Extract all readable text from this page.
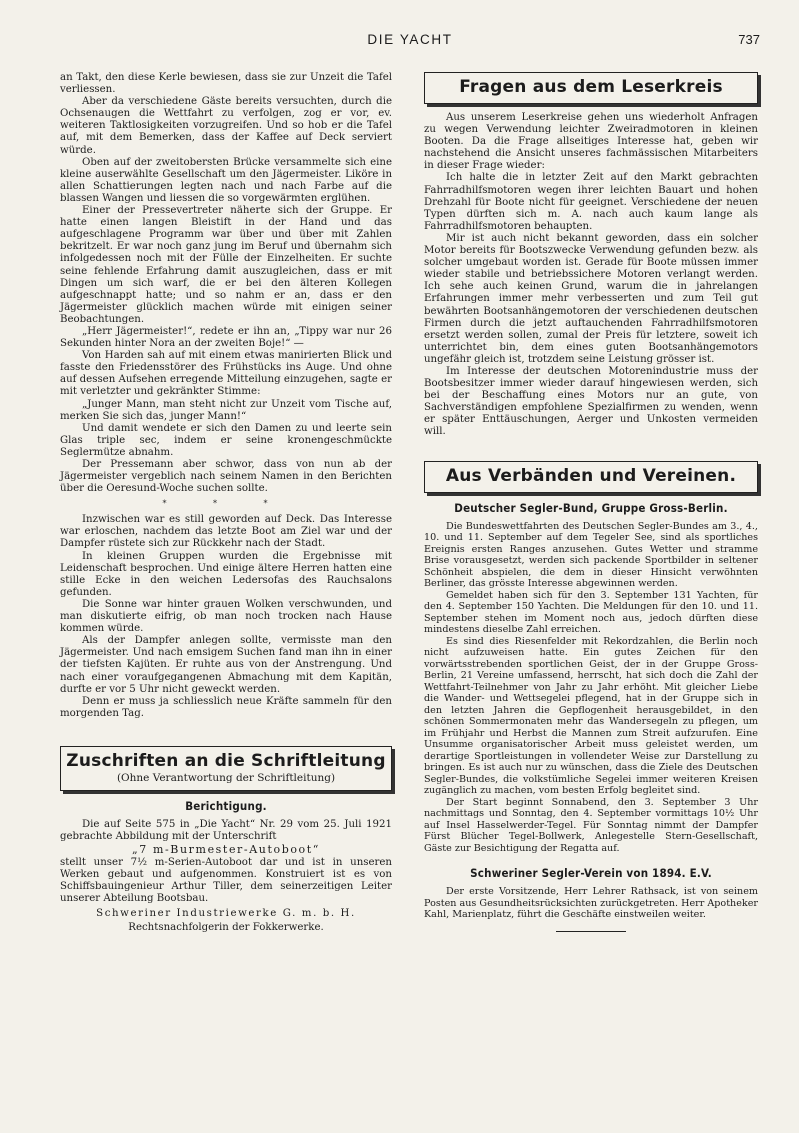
DIE YACHT	737

an Takt, den diese Kerle bewiesen, dass sie zur Unzeit die Tafel verliessen.

Aber da verschiedene Gäste bereits versuchten, durch die Ochsenaugen die Wettfahrt zu verfolgen, zog er vor, ev. weiteren Taktlosigkeiten vorzugreifen. Und so hob er die Tafel auf, mit dem Bemerken, dass der Kaffee auf Deck serviert würde.

Oben auf der zweitobersten Brücke versammelte sich eine kleine auserwählte Gesellschaft um den Jägermeister. Liköre in allen Schattierungen legten nach und nach Farbe auf die blassen Wangen und liessen die so vorgewärmten erglühen.

Einer der Pressevertreter näherte sich der Gruppe. Er hatte einen langen Bleistift in der Hand und das aufgeschlagene Programm war über und über mit Zahlen bekritzelt. Er war noch ganz jung im Beruf und übernahm sich infolgedessen noch mit der Fülle der Einzelheiten. Er suchte seine fehlende Erfahrung damit auszugleichen, dass er mit Dingen um sich warf, die er bei den älteren Kollegen aufgeschnappt hatte; und so nahm er an, dass er den Jägermeister glücklich machen würde mit einigen seiner Beobachtungen.

„Herr Jägermeister!“, redete er ihn an, „Tippy war nur 26 Sekunden hinter Nora an der zweiten Boje!“ —

Von Harden sah auf mit einem etwas manirierten Blick und fasste den Friedensstörer des Frühstücks ins Auge. Und ohne auf dessen Aufsehen erregende Mitteilung einzugehen, sagte er mit verletzter und gekränkter Stimme:

„Junger Mann, man steht nicht zur Unzeit vom Tische auf, merken Sie sich das, junger Mann!“

Und damit wendete er sich den Damen zu und leerte sein Glas triple sec, indem er seine kronengeschmückte Seglermütze abnahm.

Der Pressemann aber schwor, dass von nun ab der Jägermeister vergeblich nach seinem Namen in den Berichten über die Oeresund-Woche suchen sollte.

* * *

Inzwischen war es still geworden auf Deck. Das Interesse war erloschen, nachdem das letzte Boot am Ziel war und der Dampfer rüstete sich zur Rückkehr nach der Stadt.

In kleinen Gruppen wurden die Ergebnisse mit Leidenschaft besprochen. Und einige ältere Herren hatten eine stille Ecke in den weichen Ledersofas des Rauchsalons gefunden.

Die Sonne war hinter grauen Wolken verschwunden, und man diskutierte eifrig, ob man noch trocken nach Hause kommen würde.

Als der Dampfer anlegen sollte, vermisste man den Jägermeister. Und nach emsigem Suchen fand man ihn in einer der tiefsten Kajüten. Er ruhte aus von der Anstrengung. Und nach einer voraufgegangenen Abmachung mit dem Kapitän, durfte er vor 5 Uhr nicht geweckt werden.

Denn er muss ja schliesslich neue Kräfte sammeln für den morgenden Tag.

Zuschriften an die Schriftleitung
(Ohne Verantwortung der Schriftleitung)
Berichtigung.

Die auf Seite 575 in „Die Yacht“ Nr. 29 vom 25. Juli 1921 gebrachte Abbildung mit der Unterschrift

„7 m-Burmester-Autoboot“

stellt unser 7½ m-Serien-Autoboot dar und ist in unseren Werken gebaut und aufgenommen. Konstruiert ist es von Schiffsbauingenieur Arthur Tiller, dem seinerzeitigen Leiter unserer Abteilung Bootsbau.

Schweriner Industriewerke G. m. b. H.
Rechtsnachfolgerin der Fokkerwerke.
Fragen aus dem Leserkreis

Aus unserem Leserkreise gehen uns wiederholt Anfragen zu wegen Verwendung leichter Zweiradmotoren in kleinen Booten. Da die Frage allseitiges Interesse hat, geben wir nachstehend die Ansicht unseres fachmässischen Mitarbeiters in dieser Frage wieder:

Ich halte die in letzter Zeit auf den Markt gebrachten Fahrradhilfsmotoren wegen ihrer leichten Bauart und hohen Drehzahl für Boote nicht für geeignet. Verschiedene der neuen Typen dürften sich m. A. nach auch kaum lange als Fahrradhilfsmotoren behaupten.

Mir ist auch nicht bekannt geworden, dass ein solcher Motor bereits für Bootszwecke Verwendung gefunden bezw. als solcher umgebaut worden ist. Gerade für Boote müssen immer wieder stabile und betriebssichere Motoren verlangt werden. Ich sehe auch keinen Grund, warum die in jahrelangen Erfahrungen immer mehr verbesserten und zum Teil gut bewährten Bootsanhängemotoren der verschiedenen deutschen Firmen durch die jetzt auftauchenden Fahrradhilfsmotoren ersetzt werden sollen, zumal der Preis für letztere, soweit ich unterrichtet bin, dem eines guten Bootsanhängemotors ungefähr gleich ist, trotzdem seine Leistung grösser ist.

Im Interesse der deutschen Motorenindustrie muss der Bootsbesitzer immer wieder darauf hingewiesen werden, sich bei der Beschaffung eines Motors nur an gute, von Sachverständigen empfohlene Spezialfirmen zu wenden, wenn er später Enttäuschungen, Aerger und Unkosten vermeiden will.

Aus Verbänden und Vereinen.
Deutscher Segler-Bund, Gruppe Gross-Berlin.

Die Bundeswettfahrten des Deutschen Segler-Bundes am 3., 4., 10. und 11. September auf dem Tegeler See, sind als sportliches Ereignis ersten Ranges anzusehen. Gutes Wetter und stramme Brise vorausgesetzt, werden sich packende Sportbilder in seltener Schönheit abspielen, die dem in dieser Hinsicht verwöhnten Berliner, das grösste Interesse abgewinnen werden.

Gemeldet haben sich für den 3. September 131 Yachten, für den 4. September 150 Yachten. Die Meldungen für den 10. und 11. September stehen im Moment noch aus, jedoch dürften diese mindestens dieselbe Zahl erreichen.

Es sind dies Riesenfelder mit Rekordzahlen, die Berlin noch nicht aufzuweisen hatte. Ein gutes Zeichen für den vorwärtsstrebenden sportlichen Geist, der in der Gruppe Gross-Berlin, 21 Vereine umfassend, herrscht, hat sich doch die Zahl der Wettfahrt-Teilnehmer von Jahr zu Jahr erhöht. Mit gleicher Liebe die Wander- und Wettsegelei pflegend, hat in der Gruppe sich in den letzten Jahren die Gepflogenheit herausgebildet, in den schönen Sommermonaten mehr das Wandersegeln zu pflegen, um im Frühjahr und Herbst die Mannen zum Streit aufzurufen. Eine Unsumme organisatorischer Arbeit muss geleistet werden, um derartige Sportleistungen in vollendeter Weise zur Darstellung zu bringen. Es ist auch nur zu wünschen, dass die Ziele des Deutschen Segler-Bundes, die volkstümliche Segelei immer weiteren Kreisen zugänglich zu machen, vom besten Erfolg begleitet sind.

Der Start beginnt Sonnabend, den 3. September 3 Uhr nachmittags und Sonntag, den 4. September vormittags 10½ Uhr auf Insel Hasselwerder-Tegel. Für Sonntag nimmt der Dampfer Fürst Blücher Tegel-Bollwerk, Anlegestelle Stern-Gesellschaft, Gäste zur Besichtigung der Regatta auf.

Schweriner Segler-Verein von 1894. E.V.

Der erste Vorsitzende, Herr Lehrer Rathsack, ist von seinem Posten aus Gesundheitsrücksichten zurückgetreten. Herr Apotheker Kahl, Marienplatz, führt die Geschäfte einstweilen weiter.
